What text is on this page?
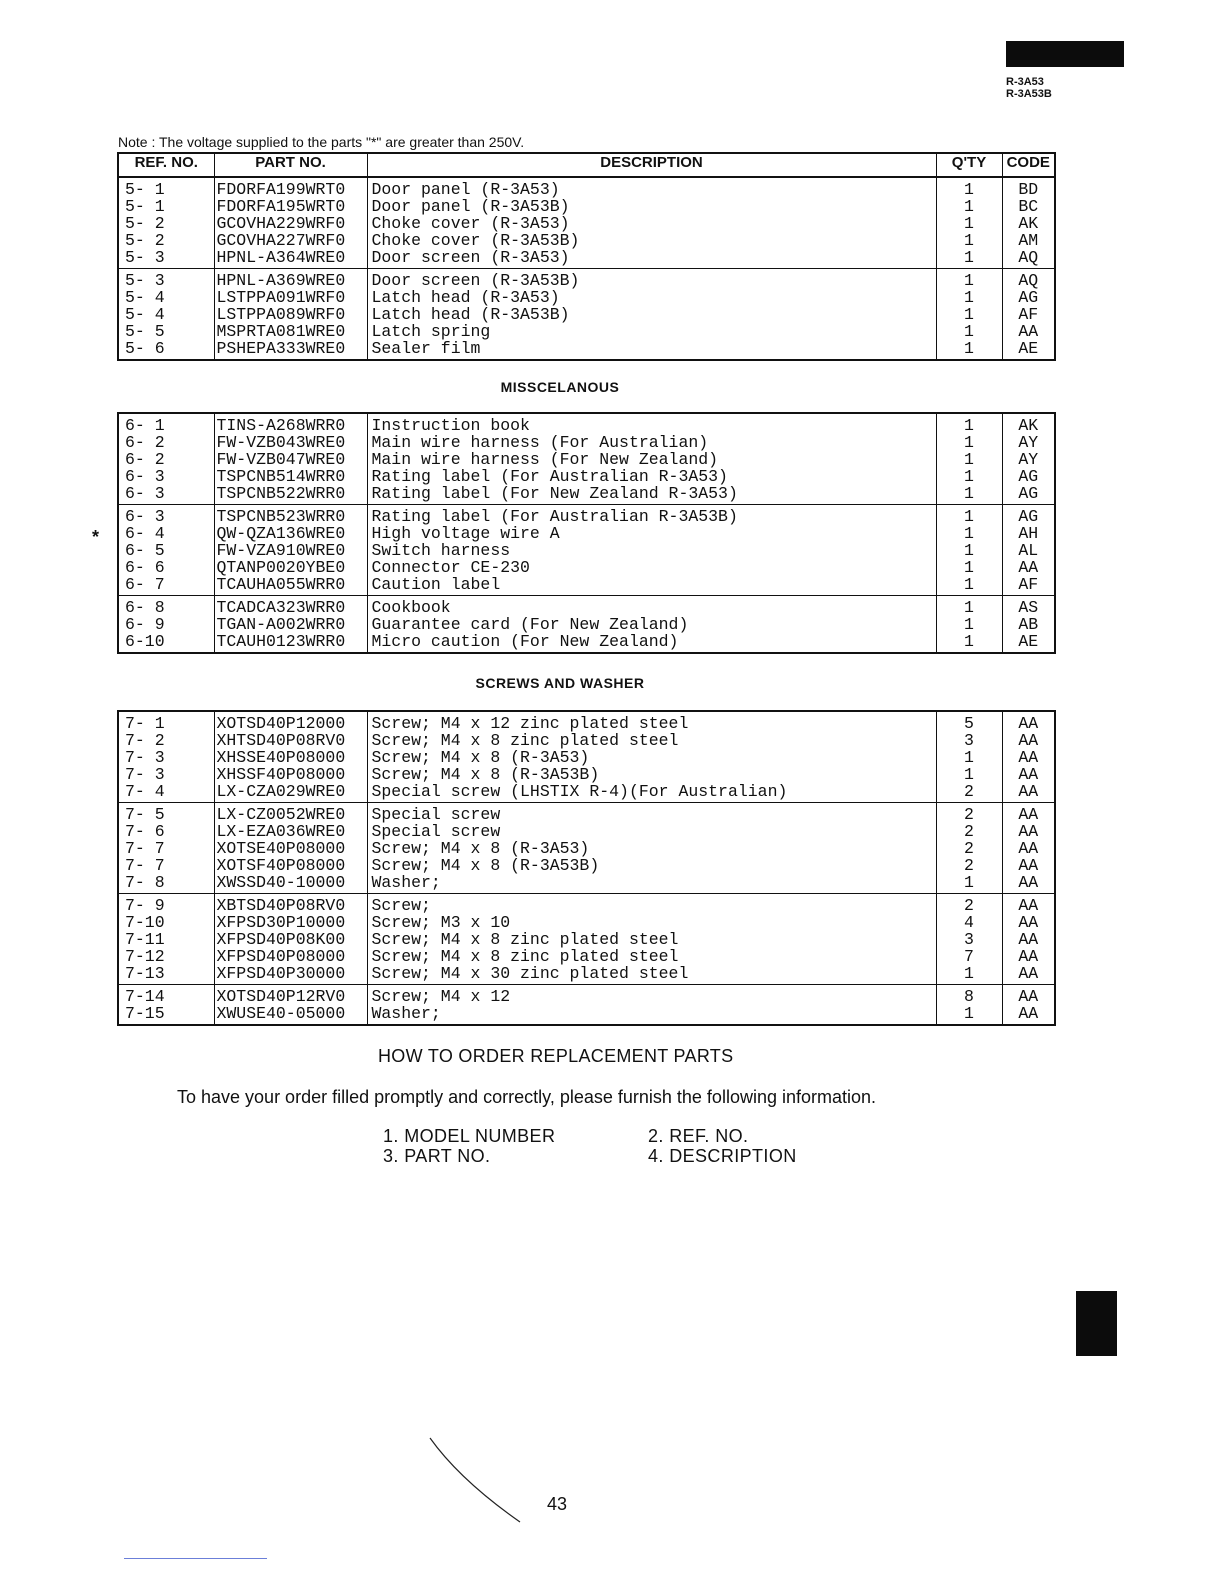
R-3A53
R-3A53B
Note : The voltage supplied to the parts "*" are greater than 250V.
REF. NO.	PART NO.	DESCRIPTION	Q'TY	CODE
5- 1	FDORFA199WRT0	Door panel (R-3A53)	1	BD
5- 1	FDORFA195WRT0	Door panel (R-3A53B)	1	BC
5- 2	GCOVHA229WRF0	Choke cover (R-3A53)	1	AK
5- 2	GCOVHA227WRF0	Choke cover (R-3A53B)	1	AM
5- 3	HPNL-A364WRE0	Door screen (R-3A53)	1	AQ
5- 3	HPNL-A369WRE0	Door screen (R-3A53B)	1	AQ
5- 4	LSTPPA091WRF0	Latch head (R-3A53)	1	AG
5- 4	LSTPPA089WRF0	Latch head (R-3A53B)	1	AF
5- 5	MSPRTA081WRE0	Latch spring	1	AA
5- 6	PSHEPA333WRE0	Sealer film	1	AE
MISSCELANOUS
6- 1	TINS-A268WRR0	Instruction book	1	AK
6- 2	FW-VZB043WRE0	Main wire harness (For Australian)	1	AY
6- 2	FW-VZB047WRE0	Main wire harness (For New Zealand)	1	AY
6- 3	TSPCNB514WRR0	Rating label (For Australian R-3A53)	1	AG
6- 3	TSPCNB522WRR0	Rating label (For New Zealand R-3A53)	1	AG
6- 3	TSPCNB523WRR0	Rating label (For Australian R-3A53B)	1	AG
6- 4	QW-QZA136WRE0	High voltage wire A	1	AH
6- 5	FW-VZA910WRE0	Switch harness	1	AL
6- 6	QTANP0020YBE0	Connector CE-230	1	AA
6- 7	TCAUHA055WRR0	Caution label	1	AF
6- 8	TCADCA323WRR0	Cookbook	1	AS
6- 9	TGAN-A002WRR0	Guarantee card (For New Zealand)	1	AB
6-10	TCAUH0123WRR0	Micro caution (For New Zealand)	1	AE
*
SCREWS AND WASHER
7- 1	XOTSD40P12000	Screw; M4 x 12 zinc plated steel	5	AA
7- 2	XHTSD40P08RV0	Screw; M4 x 8 zinc plated steel	3	AA
7- 3	XHSSE40P08000	Screw; M4 x 8 (R-3A53)	1	AA
7- 3	XHSSF40P08000	Screw; M4 x 8 (R-3A53B)	1	AA
7- 4	LX-CZA029WRE0	Special screw (LHSTIX R-4)(For Australian)	2	AA
7- 5	LX-CZ0052WRE0	Special screw	2	AA
7- 6	LX-EZA036WRE0	Special screw	2	AA
7- 7	XOTSE40P08000	Screw; M4 x 8 (R-3A53)	2	AA
7- 7	XOTSF40P08000	Screw; M4 x 8 (R-3A53B)	2	AA
7- 8	XWSSD40-10000	Washer;	1	AA
7- 9	XBTSD40P08RV0	Screw;	2	AA
7-10	XFPSD30P10000	Screw; M3 x 10	4	AA
7-11	XFPSD40P08K00	Screw; M4 x 8 zinc plated steel	3	AA
7-12	XFPSD40P08000	Screw; M4 x 8 zinc plated steel	7	AA
7-13	XFPSD40P30000	Screw; M4 x 30 zinc plated steel	1	AA
7-14	XOTSD40P12RV0	Screw; M4 x 12	8	AA
7-15	XWUSE40-05000	Washer;	1	AA
HOW TO ORDER REPLACEMENT PARTS
To have your order filled promptly and correctly, please furnish the following information.
1. MODEL NUMBER	2. REF. NO.
3. PART NO.	4. DESCRIPTION
43
